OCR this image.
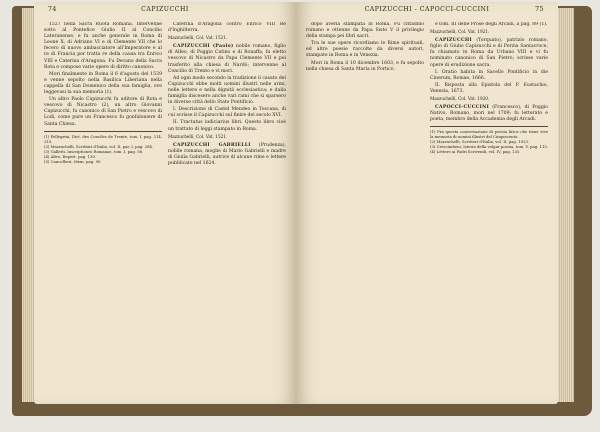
74	CAPIZUCCHI

1527 nella Sacra Ruota Romana. Intervenne sotto al Pontefice Giulio II al Concilio Lateranense, e fu anche generale in Roma di Leone X, di Adriano VI e di Clemente VII che lo fecero di nuovo ambasciatore all'Imperatore e al re di Francia per tratta re della causa tra Enrico VIII e Caterina d'Aragona. Fu Decano della Sacra Rota e compose varie opere di diritto canonico.

Mori finalmente in Roma il 6 d'agosto del 1539 e venne sepolto nella Basilica Liberiana nella cappella di San Domenico della sua famiglia, ove leggevasi la sua memoria (1).

Un altro Paolo Capizucchi fu uditore di Rota e vescovo di Nicastro (2), un altro Giovanni Capizucchi, fu canonico di San Pietro e vescovo di Lodi, come pure un Francesco fu gonfaloniere di Santa Chiesa.

(1) Pellegrini, Dict. des Conciles de Trente, tom. I, pag. 214, 215.
(2) Mazzuchelli, Scrittori d'Italia, vol. II, par. I, pag. 284.
(3) Galletti, Inscriptiones Romanae, tom. I, pag. 56.
(4) Altre, Repert. pag. 130.
(5) Cancellieri, Mem. pag. 90.

Caterina d'Aragona contro Enrico VIII Re d'Inghilterra.

Mazzuchelli, Col. Vat. 1521.

CAPIZUCCHI (Paolo) nobile romano, figlio di Alfeo, di Poggio Catino e di Bonaffa, fu eletto vescovo di Nicastro da Papa Clemente VII e poi trasferito alla chiesa di Nardò; intervenne al Concilio di Trento e vi mori.

Ad ogni modo secondo la tradizione il casato dei Capizucchi ebbe molti uomini illustri nelle armi, nelle lettere e nella dignità ecclesiastica; e dalla famiglia discesero anche vari rami che si sparsero in diverse città dello Stato Pontificio.

I. Descrizione di Castel Mendeo in Toscana, di cui scrisse il Capizucchi sul finire del secolo XVI.

II. Tractatus iudiciarius libri. Questo libro cioè un trattato di leggi stampato in Roma.

Mazzuchelli, Col. Vat. 1521.

CAPIZUCCHI GABRIELLI (Prudenza), nobile romana, moglie di Mario Gabrielli e madre di Giulia Gabrielli, autrice di alcune rime e lettere pubblicate nel 1624.

CAPIZUCCHI - CAPOCCI-CUCCINI	75

dopo averla stampata in Roma. Fu cittadino romano e ottenne da Papa Sisto V il privilegio della stampa pei libri sacri.

Tra le sue opere ricordiamo le Rime spirituali, ed altre poesie raccolte da diversi autori, stampate in Roma e in Venezia.

Mori in Roma il 10 dicembre 1603, e fu sepolto nella chiesa di Santa Maria in Portico.

e tom. III delle Prose degli Arcadi, a pag. 89 (1).

Mazzuchelli, Col. Vat. 1921.

CAPIZUCCHI (Torquato), patrizio romano, figlio di Giulio Capizucchi e di Porzia Santacroce, fu chiamato in Roma da Urbano VIII e vi fu nominato canonico di San Pietro; scrisse varie opere di erudizione sacra.

I. Oratio habita in Sacello Pontificio in die Cinerum, Romae, 1666.

II. Risposta alla Epistola del P. Eustachio, Venezia, 1673.

Mazzuchelli, Col. Vat. 1920.

CAPOCCI-CUCCINI (Francesco), di Poggio Nativo, Romano, mori nel 1709; fu letterato e poeta, membro della Accademia degli Arcadi.

(1) Fra questa conversazione di poesia lirica che tiene vive la memoria di uomini illustri del Cinquecento.
(2) Mazzuchelli, Scrittori d'Italia, vol. II, pag. 1923.
(3) Crescimbeni, Istoria della volgar poesia, tom. V, pag. 115.
(4) Lettere ai Padri Scrivendi, vol. IV, pag. 135.
